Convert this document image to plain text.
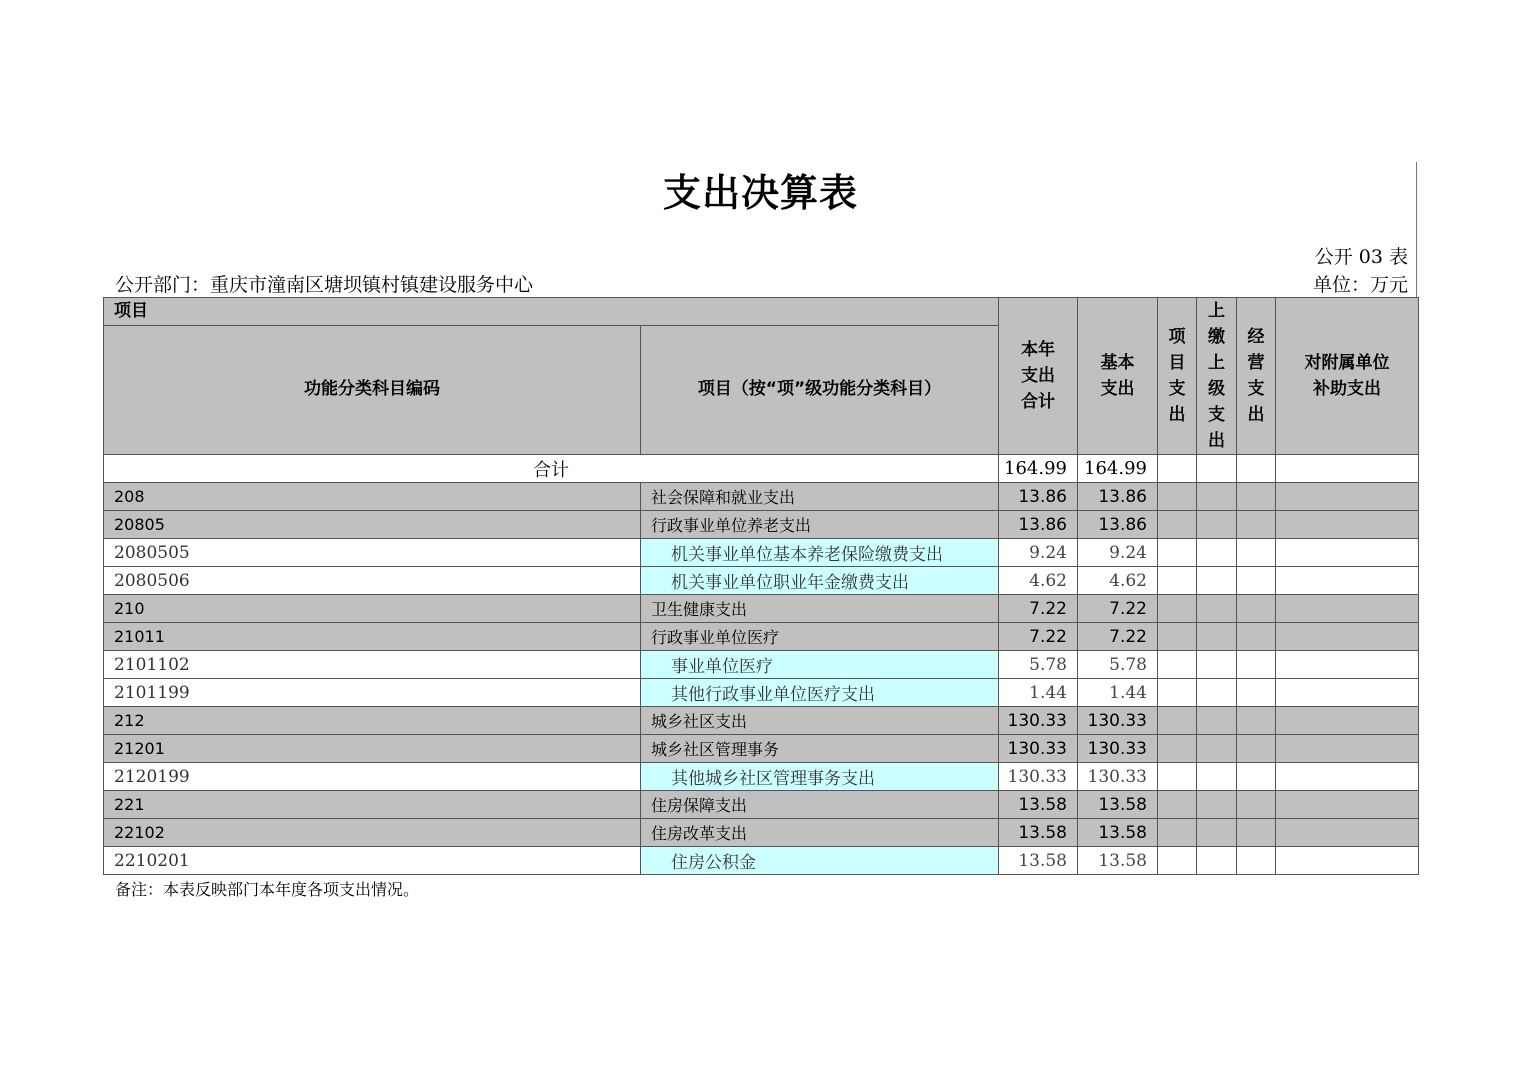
支出决算表
公开 03 表
公开部门：重庆市潼南区塘坝镇村镇建设服务中心	单位：万元
项目		本年支出合计	基本支出	项目支出	上缴上级支出	经营支出	对附属单位补助支出

功能分类科目编码	项目（按“项”级功能分类科目）						
合计		164.99	164.99				
208	社会保障和就业支出	13.86	13.86				
20805	行政事业单位养老支出	13.86	13.86				
2080505	机关事业单位基本养老保险缴费支出	9.24	9.24				
2080506	机关事业单位职业年金缴费支出	4.62	4.62				
210	卫生健康支出	7.22	7.22				
21011	行政事业单位医疗	7.22	7.22				
2101102	事业单位医疗	5.78	5.78				
2101199	其他行政事业单位医疗支出	1.44	1.44				
212	城乡社区支出	130.33	130.33				
21201	城乡社区管理事务	130.33	130.33				
2120199	其他城乡社区管理事务支出	130.33	130.33				
221	住房保障支出	13.58	13.58				
22102	住房改革支出	13.58	13.58				
2210201	住房公积金	13.58	13.58				
备注：本表反映部门本年度各项支出情况。
